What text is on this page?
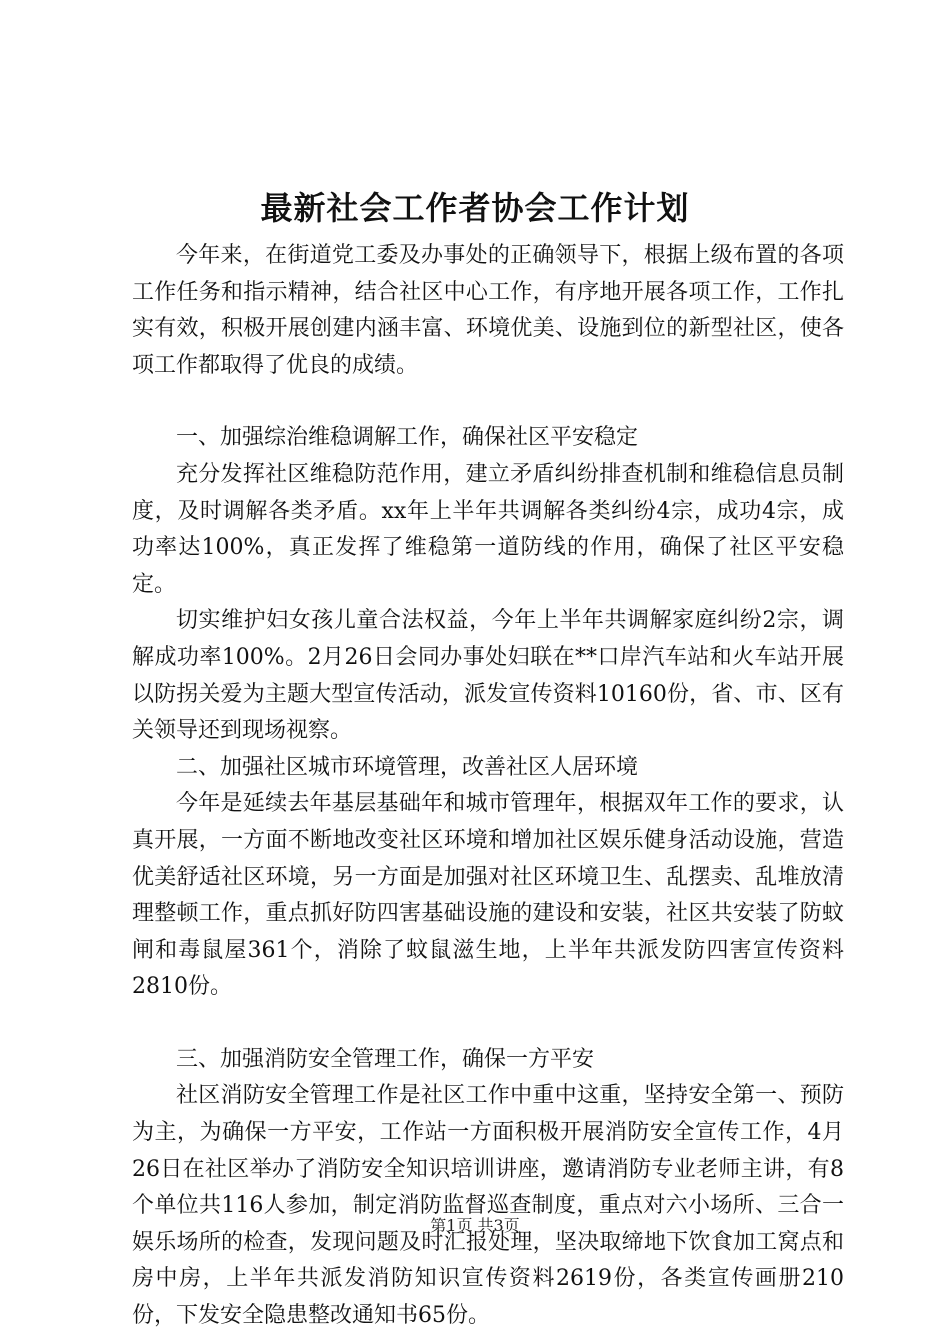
最新社会工作者协会工作计划

今年来，在街道党工委及办事处的正确领导下，根据上级布置的各项工作任务和指示精神，结合社区中心工作，有序地开展各项工作，工作扎实有效，积极开展创建内涵丰富、环境优美、设施到位的新型社区，使各项工作都取得了优良的成绩。

一、加强综治维稳调解工作，确保社区平安稳定

充分发挥社区维稳防范作用，建立矛盾纠纷排查机制和维稳信息员制度，及时调解各类矛盾。xx年上半年共调解各类纠纷4宗，成功4宗，成功率达100%，真正发挥了维稳第一道防线的作用，确保了社区平安稳定。

切实维护妇女孩儿童合法权益，今年上半年共调解家庭纠纷2宗，调解成功率100%。2月26日会同办事处妇联在**口岸汽车站和火车站开展以防拐关爱为主题大型宣传活动，派发宣传资料10160份，省、市、区有关领导还到现场视察。

二、加强社区城市环境管理，改善社区人居环境

今年是延续去年基层基础年和城市管理年，根据双年工作的要求，认真开展，一方面不断地改变社区环境和增加社区娱乐健身活动设施，营造优美舒适社区环境，另一方面是加强对社区环境卫生、乱摆卖、乱堆放清理整顿工作，重点抓好防四害基础设施的建设和安装，社区共安装了防蚊闸和毒鼠屋361个，消除了蚊鼠滋生地，上半年共派发防四害宣传资料2810份。

三、加强消防安全管理工作，确保一方平安

社区消防安全管理工作是社区工作中重中这重，坚持安全第一、预防为主，为确保一方平安，工作站一方面积极开展消防安全宣传工作，4月26日在社区举办了消防安全知识培训讲座，邀请消防专业老师主讲，有8个单位共116人参加，制定消防监督巡查制度，重点对六小场所、三合一娱乐场所的检查，发现问题及时汇报处理，坚决取缔地下饮食加工窝点和房中房，上半年共派发消防知识宣传资料2619份，各类宣传画册210份，下发安全隐患整改通知书65份。

第1页 共3页
